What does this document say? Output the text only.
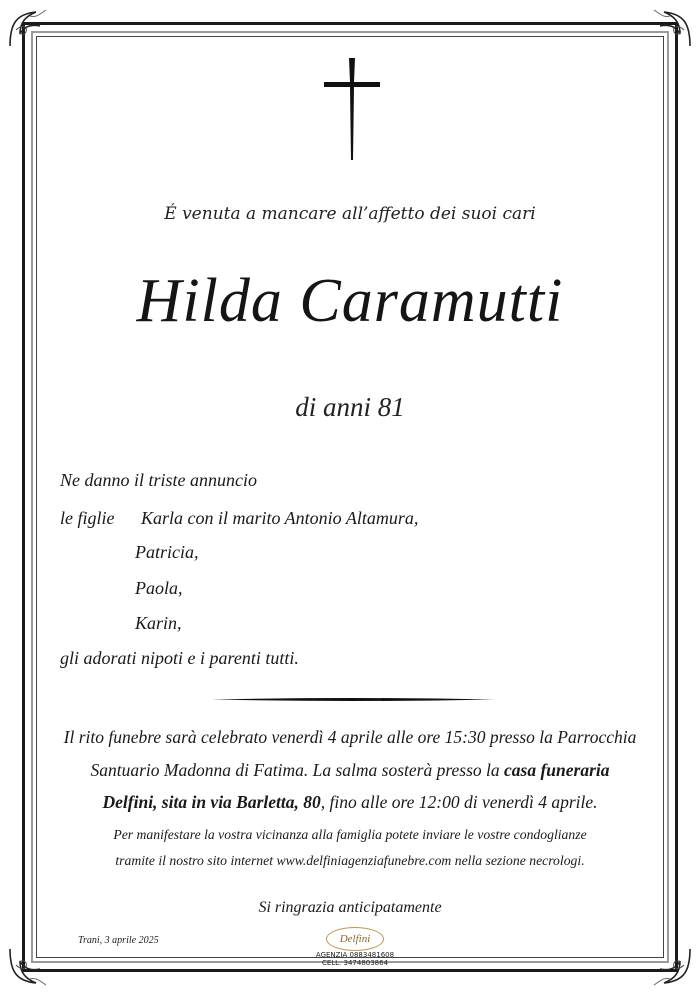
É venuta a mancare all’affetto dei suoi cari
Hilda Caramutti
di anni 81
Ne danno il triste annuncio
le figlie Karla con il marito Antonio Altamura,
Patricia,
Paola,
Karin,
gli adorati nipoti e i parenti tutti.
Il rito funebre sarà celebrato venerdì 4 aprile alle ore 15:30 presso la Parrocchia
Santuario Madonna di Fatima. La salma sosterà presso la casa funeraria
Delfini, sita in via Barletta, 80, fino alle ore 12:00 di venerdì 4 aprile.
Per manifestare la vostra vicinanza alla famiglia potete inviare le vostre condoglianze
tramite il nostro sito internet www.delfiniagenziafunebre.com nella sezione necrologi.
Si ringrazia anticipatamente
Trani, 3 aprile 2025	Delfini
AGENZIA 0883481608
CELL. 3474803864
